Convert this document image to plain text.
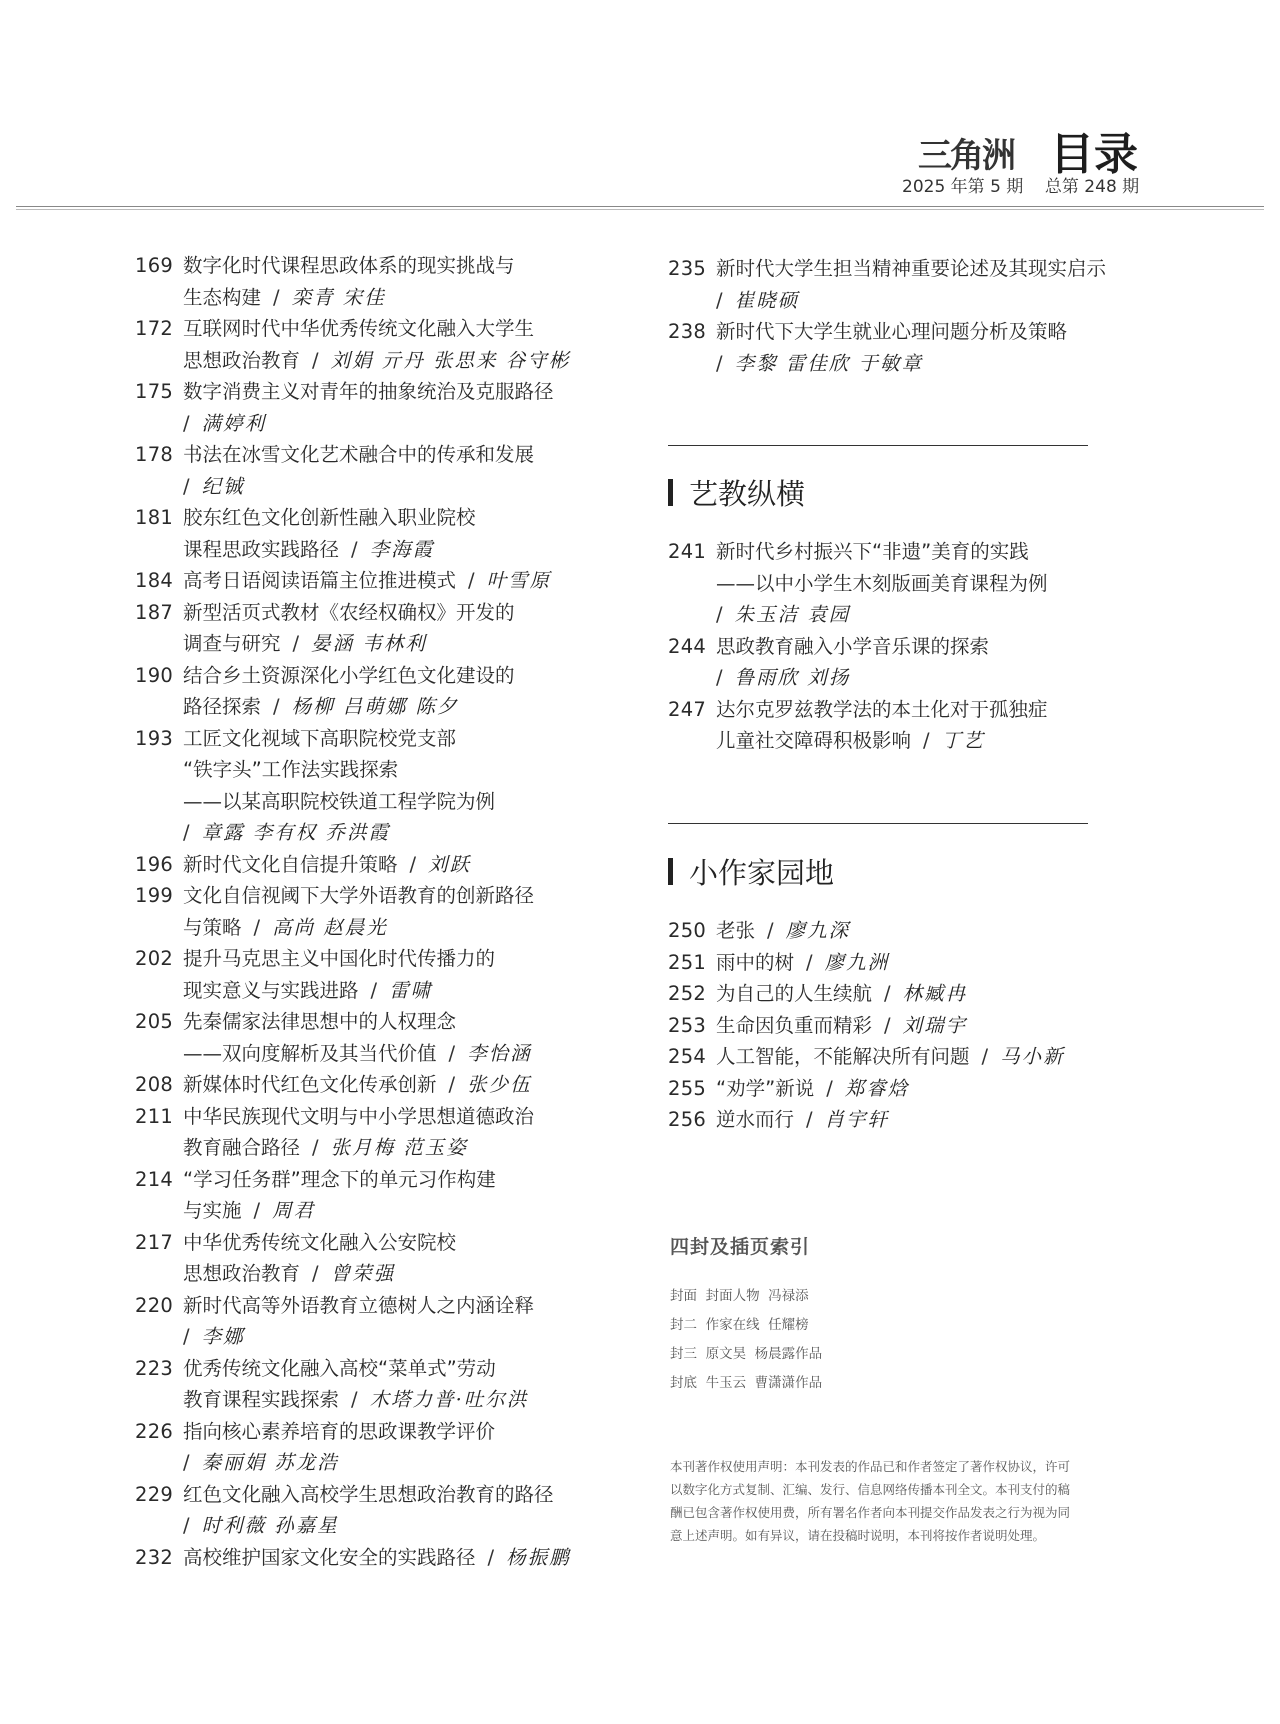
三角洲 目录
2025 年第 5 期    总第 248 期
169 数字化时代课程思政体系的现实挑战与
生态构建 / 栾青 宋佳
172 互联网时代中华优秀传统文化融入大学生
思想政治教育 / 刘娟 亓丹 张思来 谷守彬
175 数字消费主义对青年的抽象统治及克服路径
/ 满婷利
178 书法在冰雪文化艺术融合中的传承和发展
/ 纪铖
181 胶东红色文化创新性融入职业院校
课程思政实践路径 / 李海霞
184 高考日语阅读语篇主位推进模式 / 叶雪原
187 新型活页式教材《农经权确权》开发的
调查与研究 / 晏涵 韦林利
190 结合乡土资源深化小学红色文化建设的
路径探索 / 杨柳 吕萌娜 陈夕
193 工匠文化视域下高职院校党支部
“铁字头”工作法实践探索
——以某高职院校铁道工程学院为例
/ 章露 李有权 乔洪霞
196 新时代文化自信提升策略 / 刘跃
199 文化自信视阈下大学外语教育的创新路径
与策略 / 高尚 赵晨光
202 提升马克思主义中国化时代传播力的
现实意义与实践进路 / 雷啸
205 先秦儒家法律思想中的人权理念
——双向度解析及其当代价值 / 李怡涵
208 新媒体时代红色文化传承创新 / 张少伍
211 中华民族现代文明与中小学思想道德政治
教育融合路径 / 张月梅 范玉姿
214 “学习任务群”理念下的单元习作构建
与实施 / 周君
217 中华优秀传统文化融入公安院校
思想政治教育 / 曾荣强
220 新时代高等外语教育立德树人之内涵诠释
/ 李娜
223 优秀传统文化融入高校“菜单式”劳动
教育课程实践探索 / 木塔力普·吐尔洪
226 指向核心素养培育的思政课教学评价
/ 秦丽娟 苏龙浩
229 红色文化融入高校学生思想政治教育的路径
/ 时利薇 孙嘉星
232 高校维护国家文化安全的实践路径 / 杨振鹏
235 新时代大学生担当精神重要论述及其现实启示
/ 崔晓硕
238 新时代下大学生就业心理问题分析及策略
/ 李黎 雷佳欣 于敏章
艺教纵横
241 新时代乡村振兴下“非遗”美育的实践
——以中小学生木刻版画美育课程为例
/ 朱玉洁 袁园
244 思政教育融入小学音乐课的探索
/ 鲁雨欣 刘扬
247 达尔克罗兹教学法的本土化对于孤独症
儿童社交障碍积极影响 / 丁艺
小作家园地
250 老张 / 廖九深
251 雨中的树 / 廖九洲
252 为自己的人生续航 / 林臧冉
253 生命因负重而精彩 / 刘瑞宇
254 人工智能，不能解决所有问题 / 马小新
255 “劝学”新说 / 郑睿焓
256 逆水而行 / 肖宇轩
四封及插页索引
封面  封面人物  冯禄添
封二  作家在线  任耀榜
封三  原文昊  杨晨露作品
封底  牛玉云  曹潇潇作品
本刊著作权使用声明：本刊发表的作品已和作者签定了著作权协议，许可以数字化方式复制、汇编、发行、信息网络传播本刊全文。本刊支付的稿酬已包含著作权使用费，所有署名作者向本刊提交作品发表之行为视为同意上述声明。如有异议，请在投稿时说明，本刊将按作者说明处理。
